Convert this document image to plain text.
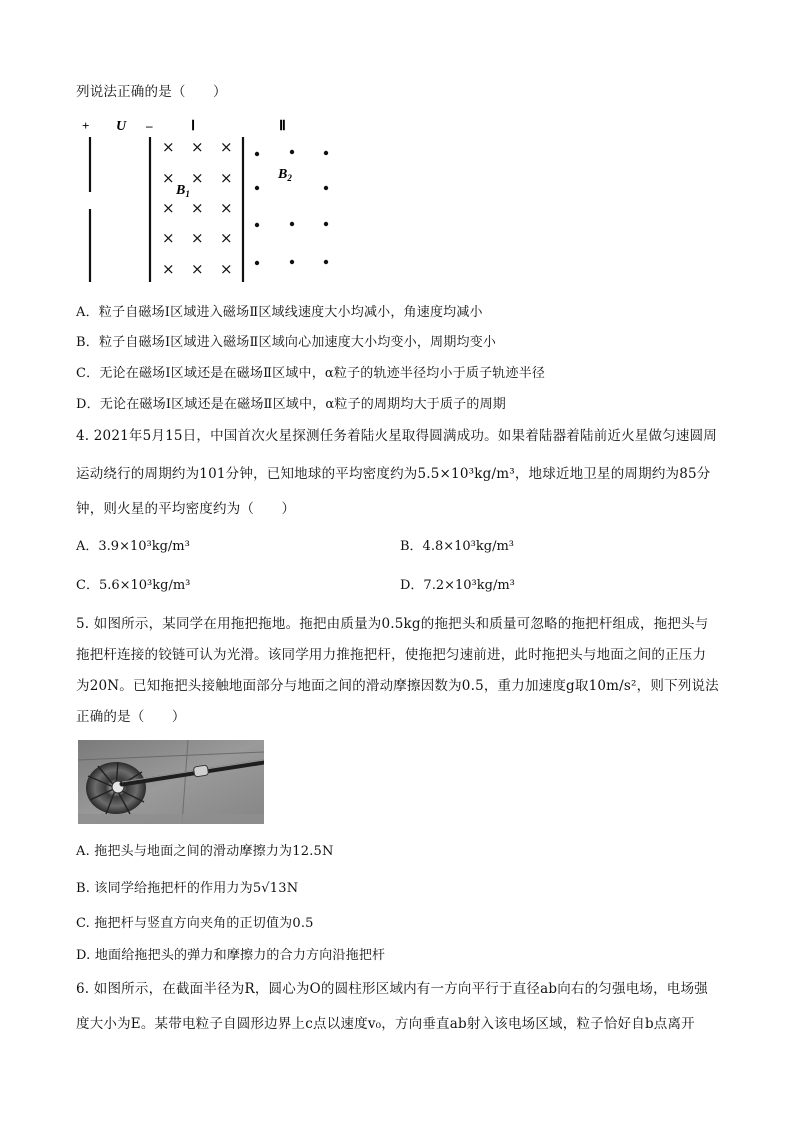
列说法正确的是（　　）
+ U –	Ⅰ	Ⅱ
× × ×
× × ×
× × ×
× × ×
× × ×
$B_1$
$B_2$
A．粒子自磁场Ⅰ区域进入磁场Ⅱ区域线速度大小均减小，角速度均减小
B．粒子自磁场Ⅰ区域进入磁场Ⅱ区域向心加速度大小均变小，周期均变小
C．无论在磁场Ⅰ区域还是在磁场Ⅱ区域中，α粒子的轨迹半径均小于质子轨迹半径
D．无论在磁场Ⅰ区域还是在磁场Ⅱ区域中，α粒子的周期均大于质子的周期
4. 2021年5月15日，中国首次火星探测任务着陆火星取得圆满成功。如果着陆器着陆前近火星做匀速圆周
运动绕行的周期约为101分钟，已知地球的平均密度约为5.5×10³kg/m³，地球近地卫星的周期约为85分
钟，则火星的平均密度约为（　　）
A．3.9×10³kg/m³	B．4.8×10³kg/m³
C．5.6×10³kg/m³	D．7.2×10³kg/m³
5. 如图所示，某同学在用拖把拖地。拖把由质量为0.5kg的拖把头和质量可忽略的拖把杆组成，拖把头与
拖把杆连接的铰链可认为光滑。该同学用力推拖把杆，使拖把匀速前进，此时拖把头与地面之间的正压力
为20N。已知拖把头接触地面部分与地面之间的滑动摩擦因数为0.5，重力加速度g取10m/s²，则下列说法
正确的是（　　）
A. 拖把头与地面之间的滑动摩擦力为12.5N
B. 该同学给拖把杆的作用力为5√13N
C. 拖把杆与竖直方向夹角的正切值为0.5
D. 地面给拖把头的弹力和摩擦力的合力方向沿拖把杆
6. 如图所示，在截面半径为R，圆心为O的圆柱形区域内有一方向平行于直径ab向右的匀强电场，电场强
度大小为E。某带电粒子自圆形边界上c点以速度v₀，方向垂直ab射入该电场区域，粒子恰好自b点离开
